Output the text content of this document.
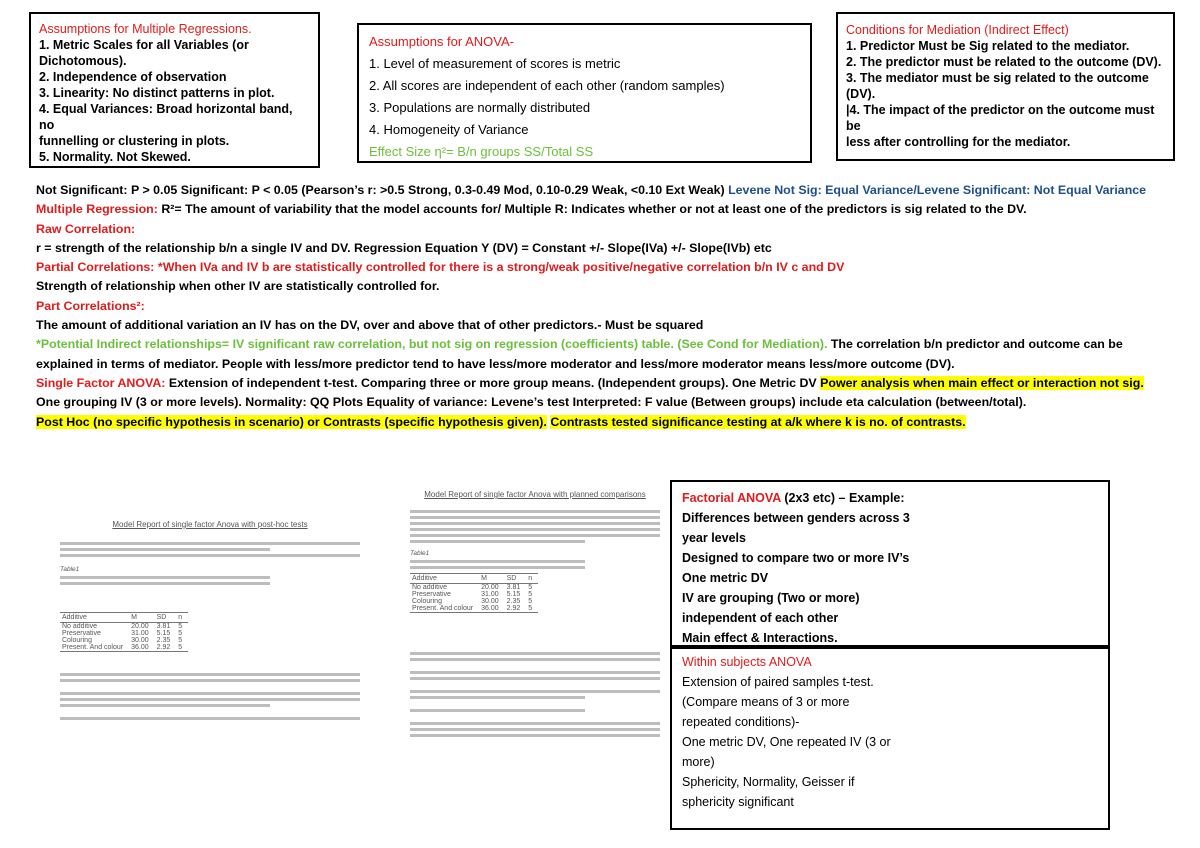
Assumptions for Multiple Regressions.
1. Metric Scales for all Variables (or
Dichotomous).
2. Independence of observation
3. Linearity: No distinct patterns in plot.
4. Equal Variances: Broad horizontal band, no
funnelling or clustering in plots.
5. Normality. Not Skewed.
Assumptions for ANOVA-
1. Level of measurement of scores is metric
2. All scores are independent of each other (random samples)
3. Populations are normally distributed
4. Homogeneity of Variance
Effect Size η²= B/n groups SS/Total SS
Conditions for Mediation (Indirect Effect)
1. Predictor Must be Sig related to the mediator.
2. The predictor must be related to the outcome (DV).
3. The mediator must be sig related to the outcome
(DV).
|4. The impact of the predictor on the outcome must be
less after controlling for the mediator.
Not Significant: P > 0.05 Significant: P < 0.05 (Pearson’s r: >0.5 Strong, 0.3-0.49 Mod, 0.10-0.29 Weak, <0.10 Ext Weak) Levene Not Sig: Equal Variance/Levene Significant: Not Equal Variance
Multiple Regression: R²= The amount of variability that the model accounts for/ Multiple R: Indicates whether or not at least one of the predictors is sig related to the DV.
Raw Correlation:
r = strength of the relationship b/n a single IV and DV. Regression Equation Y (DV) = Constant +/- Slope(IVa) +/- Slope(IVb) etc
Partial Correlations: *When IVa and IV b are statistically controlled for there is a strong/weak positive/negative correlation b/n IV c and DV
Strength of relationship when other IV are statistically controlled for.
Part Correlations²:
The amount of additional variation an IV has on the DV, over and above that of other predictors.- Must be squared
*Potential Indirect relationships= IV significant raw correlation, but not sig on regression (coefficients) table. (See Cond for Mediation). The correlation b/n predictor and outcome can be
explained in terms of mediator. People with less/more predictor tend to have less/more moderator and less/more moderator means less/more outcome (DV).
Single Factor ANOVA: Extension of independent t-test. Comparing three or more group means. (Independent groups). One Metric DV Power analysis when main effect or interaction not sig.
One grouping IV (3 or more levels). Normality: QQ Plots Equality of variance: Levene’s test Interpreted: F value (Between groups) include eta calculation (between/total).
Post Hoc (no specific hypothesis in scenario) or Contrasts (specific hypothesis given). Contrasts tested significance testing at a/k where k is no. of contrasts.
Model Report of single factor Anova with post-hoc tests
Table1
Additive	M	SD	n
No additive	20.00	3.81	5
Preservative	31.00	5.15	5
Colouring	30.00	2.35	5
Present. And colour	36.00	2.92	5
Model Report of single factor Anova with planned comparisons
Table1
Additive	M	SD	n
No additive	20.00	3.81	5
Preservative	31.00	5.15	5
Colouring	30.00	2.35	5
Present. And colour	36.00	2.92	5
Factorial ANOVA (2x3 etc) – Example:
Differences between genders across 3
year levels
Designed to compare two or more IV’s
One metric DV
IV are grouping (Two or more)
independent of each other
Main effect & Interactions.
Within subjects ANOVA
Extension of paired samples t-test.
(Compare means of 3 or more
repeated conditions)-
One metric DV, One repeated IV (3 or
more)
Sphericity, Normality, Geisser if
sphericity significant
